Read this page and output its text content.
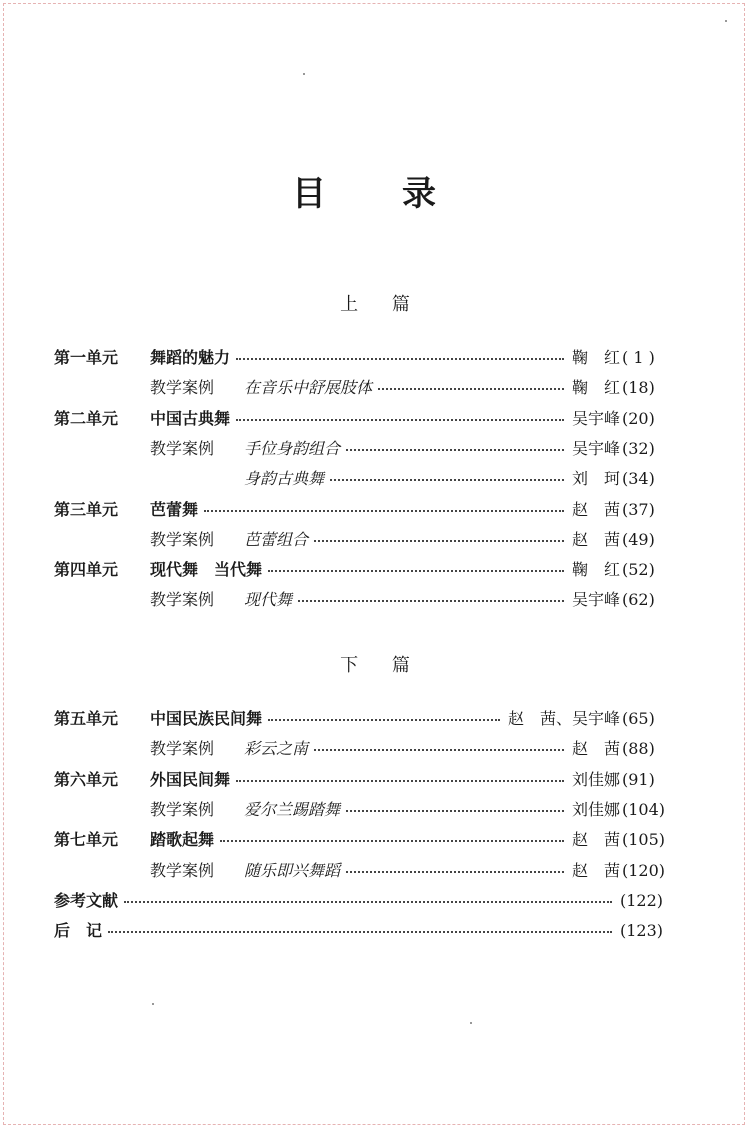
目 录
上 篇
第一单元 舞蹈的魅力	鞠　红 ( 1 )
教学案例 在音乐中舒展肢体	鞠　红 (18)
第二单元 中国古典舞	吴宇峰 (20)
教学案例 手位身韵组合	吴宇峰 (32)
身韵古典舞	刘　珂 (34)
第三单元 芭蕾舞	赵　茜 (37)
教学案例 芭蕾组合	赵　茜 (49)
第四单元 现代舞　当代舞	鞠　红 (52)
教学案例 现代舞	吴宇峰 (62)
下 篇
第五单元 中国民族民间舞	赵　茜、吴宇峰 (65)
教学案例 彩云之南	赵　茜 (88)
第六单元 外国民间舞	刘佳娜 (91)
教学案例 爱尔兰踢踏舞	刘佳娜 (104)
第七单元 踏歌起舞	赵　茜 (105)
教学案例 随乐即兴舞蹈	赵　茜 (120)
参考文献	(122)
后　记	(123)
